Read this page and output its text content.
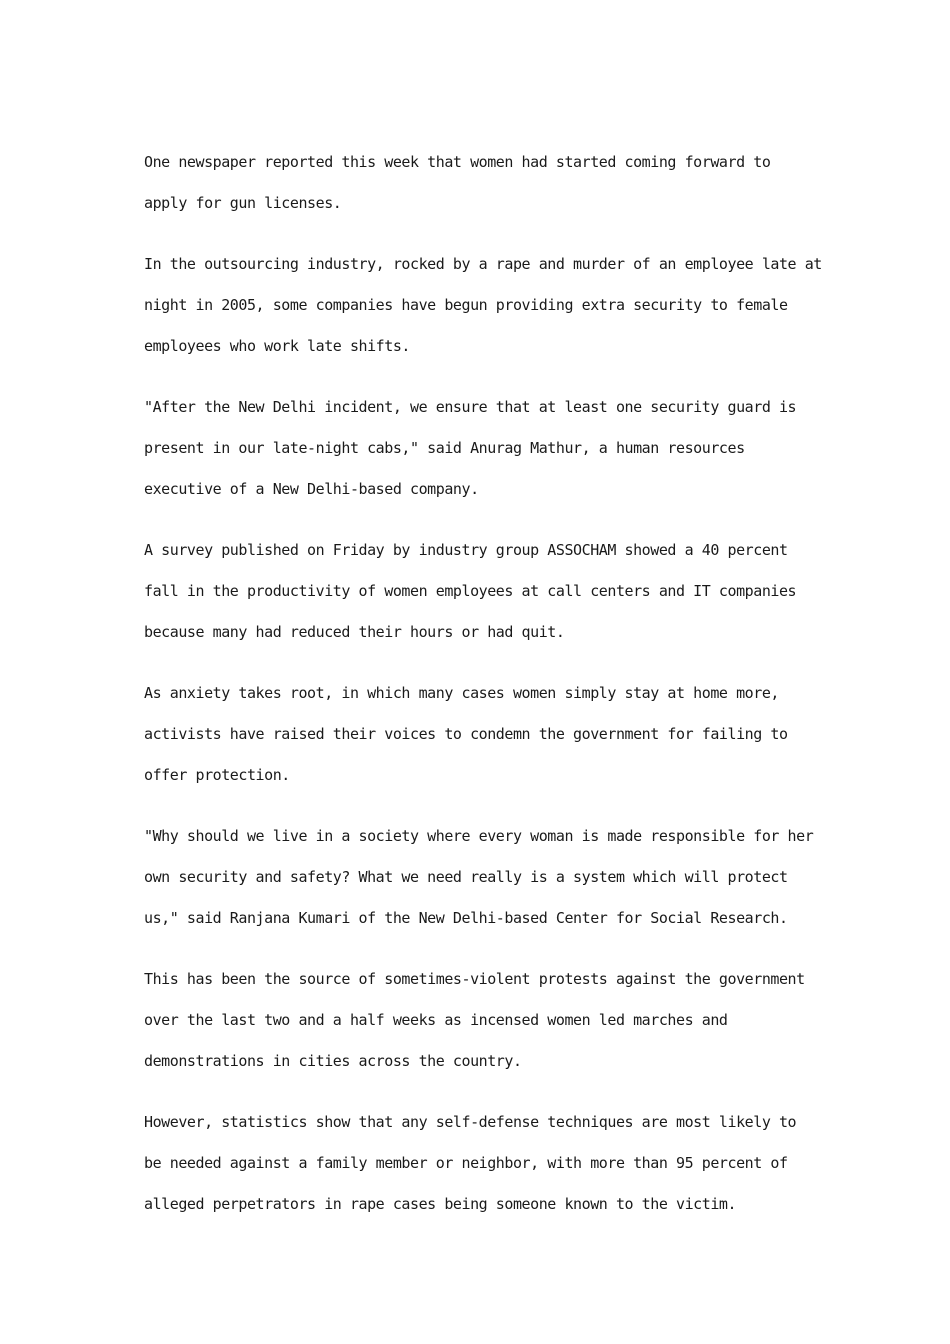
One newspaper reported this week that women had started coming forward to
apply for gun licenses.
In the outsourcing industry, rocked by a rape and murder of an employee late at
night in 2005, some companies have begun providing extra security to female
employees who work late shifts.
"After the New Delhi incident, we ensure that at least one security guard is
present in our late-night cabs," said Anurag Mathur, a human resources
executive of a New Delhi-based company.
A survey published on Friday by industry group ASSOCHAM showed a 40 percent
fall in the productivity of women employees at call centers and IT companies
because many had reduced their hours or had quit.
As anxiety takes root, in which many cases women simply stay at home more,
activists have raised their voices to condemn the government for failing to
offer protection.
"Why should we live in a society where every woman is made responsible for her
own security and safety? What we need really is a system which will protect
us," said Ranjana Kumari of the New Delhi-based Center for Social Research.
This has been the source of sometimes-violent protests against the government
over the last two and a half weeks as incensed women led marches and
demonstrations in cities across the country.
However, statistics show that any self-defense techniques are most likely to
be needed against a family member or neighbor, with more than 95 percent of
alleged perpetrators in rape cases being someone known to the victim.
